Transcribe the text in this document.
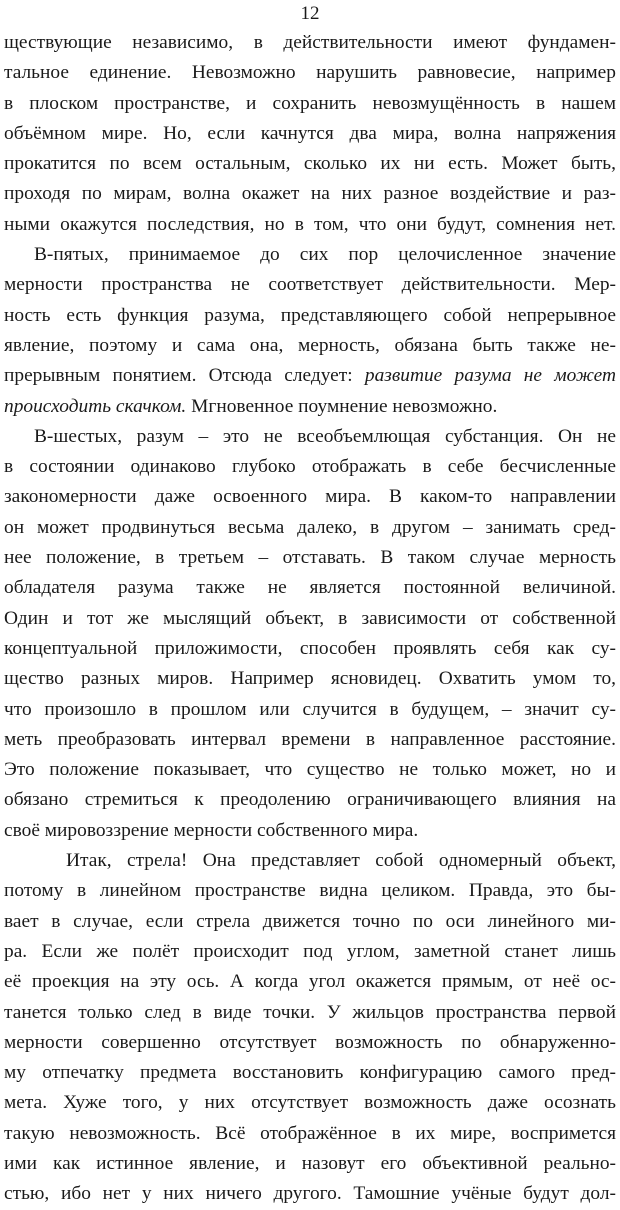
12
ществующие независимо, в действительности имеют фундамен-
тальное единение. Невозможно нарушить равновесие, например
в плоском пространстве, и сохранить невозмущённость в нашем
объёмном мире. Но, если качнутся два мира, волна напряжения
прокатится по всем остальным, сколько их ни есть. Может быть,
проходя по мирам, волна окажет на них разное воздействие и раз-
ными окажутся последствия, но в том, что они будут, сомнения нет.
В-пятых, принимаемое до сих пор целочисленное значение
мерности пространства не соответствует действительности. Мер-
ность есть функция разума, представляющего собой непрерывное
явление, поэтому и сама она, мерность, обязана быть также не-
прерывным понятием. Отсюда следует: развитие разума не может
происходить скачком. Мгновенное поумнение невозможно.
В-шестых, разум – это не всеобъемлющая субстанция. Он не
в состоянии одинаково глубоко отображать в себе бесчисленные
закономерности даже освоенного мира. В каком-то направлении
он может продвинуться весьма далеко, в другом – занимать сред-
нее положение, в третьем – отставать. В таком случае мерность
обладателя разума также не является постоянной величиной.
Один и тот же мыслящий объект, в зависимости от собственной
концептуальной приложимости, способен проявлять себя как су-
щество разных миров. Например ясновидец. Охватить умом то,
что произошло в прошлом или случится в будущем, – значит су-
меть преобразовать интервал времени в направленное расстояние.
Это положение показывает, что существо не только может, но и
обязано стремиться к преодолению ограничивающего влияния на
своё мировоззрение мерности собственного мира.
Итак, стрела! Она представляет собой одномерный объект,
потому в линейном пространстве видна целиком. Правда, это бы-
вает в случае, если стрела движется точно по оси линейного ми-
ра. Если же полёт происходит под углом, заметной станет лишь
её проекция на эту ось. А когда угол окажется прямым, от неё ос-
танется только след в виде точки. У жильцов пространства первой
мерности совершенно отсутствует возможность по обнаруженно-
му отпечатку предмета восстановить конфигурацию самого пред-
мета. Хуже того, у них отсутствует возможность даже осознать
такую невозможность. Всё отображённое в их мире, воспримется
ими как истинное явление, и назовут его объективной реально-
стью, ибо нет у них ничего другого. Тамошние учёные будут дол-
